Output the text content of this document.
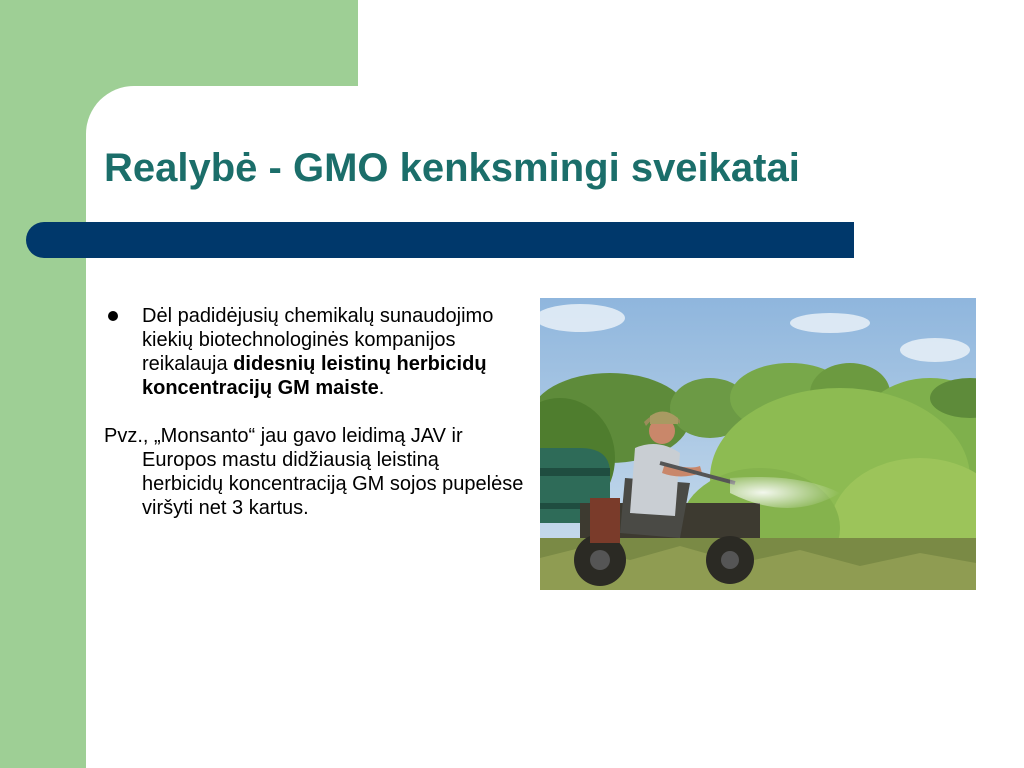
Realybė - GMO kenksmingi sveikatai

Dėl padidėjusių chemikalų sunaudojimo kiekių biotechnologinės kompanijos reikalauja didesnių leistinų herbicidų koncentracijų GM maiste.

Pvz., „Monsanto“ jau gavo leidimą JAV ir Europos mastu didžiausią leistiną herbicidų koncentraciją GM sojos pupelėse viršyti net 3 kartus.
